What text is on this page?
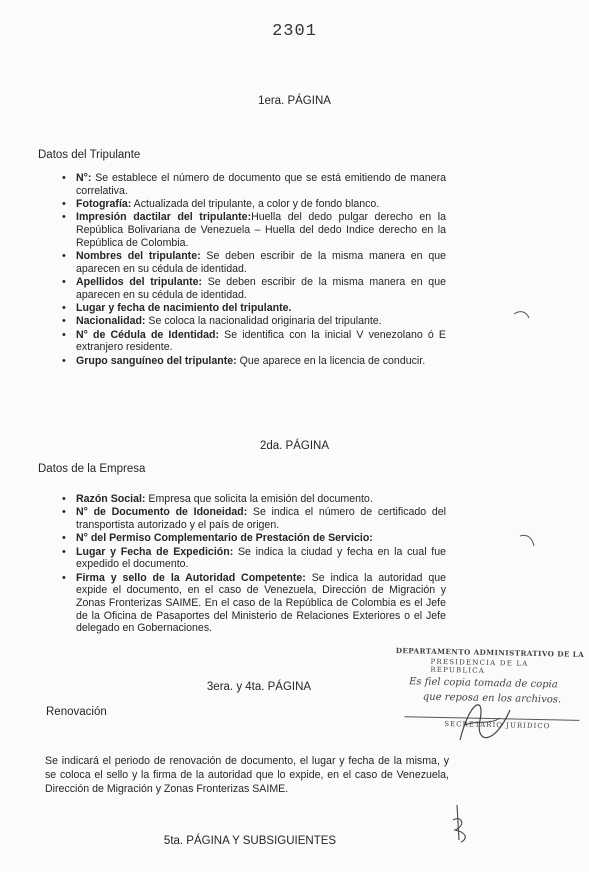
2301
1era. PÁGINA
Datos del Tripulante
• N°: Se establece el número de documento que se está emitiendo de manera correlativa.
• Fotografía: Actualizada del tripulante, a color y de fondo blanco.
• Impresión dactilar del tripulante:Huella del dedo pulgar derecho en la República Bolivariana de Venezuela – Huella del dedo Indice derecho en la República de Colombia.
• Nombres del tripulante: Se deben escribir de la misma manera en que aparecen en su cédula de identidad.
• Apellidos del tripulante: Se deben escribir de la misma manera en que aparecen en su cédula de identidad.
• Lugar y fecha de nacimiento del tripulante.
• Nacionalidad: Se coloca la nacionalidad originaria del tripulante.
• N° de Cédula de Identidad: Se identifica con la inicial V venezolano ó E extranjero residente.
• Grupo sanguíneo del tripulante: Que aparece en la licencia de conducir.
2da. PÁGINA
Datos de la Empresa
• Razón Social: Empresa que solicita la emisión del documento.
• N° de Documento de Idoneidad: Se indica el número de certificado del transportista autorizado y el país de origen.
• N° del Permiso Complementario de Prestación de Servicio:
• Lugar y Fecha de Expedición: Se indica la ciudad y fecha en la cual fue expedido el documento.
• Firma y sello de la Autoridad Competente: Se indica la autoridad que expide el documento, en el caso de Venezuela, Dirección de Migración y Zonas Fronterizas SAIME. En el caso de la República de Colombia es el Jefe de la Oficina de Pasaportes del Ministerio de Relaciones Exteriores o el Jefe delegado en Gobernaciones.
3era. y 4ta. PÁGINA
Renovación
Se indicará el periodo de renovación de documento, el lugar y fecha de la misma, y se coloca el sello y la firma de la autoridad que lo expide, en el caso de Venezuela, Dirección de Migración y Zonas Fronterizas SAIME.
5ta. PÁGINA Y SUBSIGUIENTES
DEPARTAMENTO ADMINISTRATIVO DE LA
PRESIDENCIA DE LA REPUBLICA
Es fiel copia tomada de copia
que reposa en los archivos.
SECRETARIO JURIDICO
